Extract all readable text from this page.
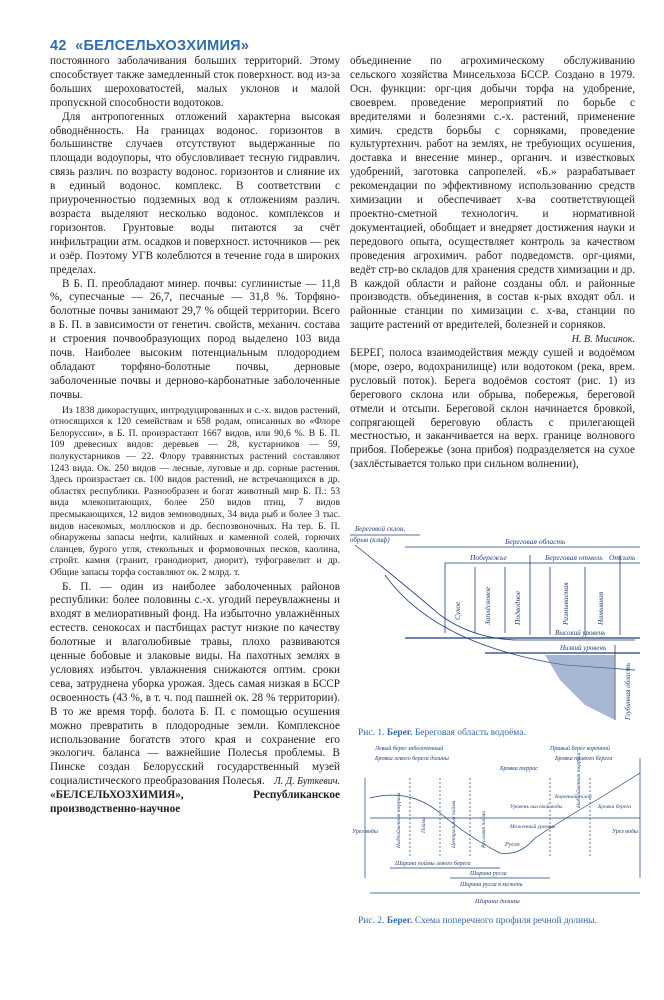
42 «БЕЛСЕЛЬХОЗХИМИЯ»

постоянного заболачивания больших территорий. Этому способствует также замедленный сток поверхност. вод из-за больших шероховатостей, малых уклонов и малой пропускной способности водотоков.

Для антропогенных отложений характерна высокая обводнённость. На границах водонос. горизонтов в большинстве случаев отсутствуют выдержанные по площади водоупоры, что обусловливает тесную гидравлич. связь различ. по возрасту водонос. горизонтов и слияние их в единый водонос. комплекс. В соответствии с приуроченностью подземных вод к отложениям различ. возраста выделяют несколько водонос. комплексов и горизонтов. Грунтовые воды питаются за счёт инфильтрации атм. осадков и поверхност. источников — рек и озёр. Поэтому УГВ колеблются в течение года в широких пределах.

В Б. П. преобладают минер. почвы: суглинистые — 11,8 %, супесчаные — 26,7, песчаные — 31,8 %. Торфяно-болотные почвы занимают 29,7 % общей территории. Всего в Б. П. в зависимости от генетич. свойств, механич. состава и строения почвообразующих пород выделено 103 вида почв. Наиболее высоким потенциальным плодородием обладают торфяно-болотные почвы, дерновые заболоченные почвы и дерново-карбонатные заболоченные почвы.

Из 1838 дикорастущих, интродуцированных и с.-х. видов растений, относящихся к 120 семействам и 658 родам, описанных во «Флоре Белоруссии», в Б. П. произрастают 1667 видов, или 90,6 %. В Б. П. 109 древесных видов: деревьев — 28, кустарников — 59, полукустарников — 22. Флору травянистых растений составляют 1243 вида. Ок. 250 видов — лесные, луговые и др. сорные растения. Здесь произрастает св. 100 видов растений, не встречающихся в др. областях республики. Разнообразен и богат животный мир Б. П.: 53 вида млекопитающих, более 250 видов птиц, 7 видов пресмыкающихся, 12 видов земноводных, 34 вида рыб и более 3 тыс. видов насекомых, моллюсков и др. беспозвоночных. На тер. Б. П. обнаружены запасы нефти, калийных и каменной солей, горючих сланцев, бурого угля, стекольных и формовочных песков, каолина, стройт. камня (гранит, гранодиорит, диорит), туфогравелит и др. Общие запасы торфа составляют ок. 2 млрд. т.

Б. П. — один из наиболее заболоченных районов республики: более половины с.-х. угодий переувлажнены и входят в мелиоративный фонд. На избыточно увлажнённых естеств. сенокосах и пастбищах растут низкие по качеству болотные и влаголюбивые травы, плохо развиваются ценные бобовые и злаковые виды. На пахотных землях в условиях избыточ. увлажнения снижаются оптим. сроки сева, затруднена уборка урожая. Здесь самая низкая в БССР освоенность (43 %, в т. ч. под пашней ок. 28 % территории). В то же время торф. болота Б. П. с помощью осушения можно превратить в плодородные земли. Комплексное использование богатств этого края и сохранение его экологич. баланса — важнейшие Полесья проблемы. В Пинске создан Белорусский государственный музей социалистического преобразования Полесья. Л. Д. Буткевич.

«БЕЛСЕЛЬХОЗХИМИЯ», Республиканское производственно-научное

объединение по агрохимическому обслуживанию сельского хозяйства Минсельхоза БССР. Создано в 1979. Осн. функции: орг-ция добычи торфа на удобрение, своеврем. проведение мероприятий по борьбе с вредителями и болезнями с.-х. растений, применение химич. средств борьбы с сорняками, проведение культуртехнич. работ на землях, не требующих осушения, доставка и внесение минер., органич. и известковых удобрений, заготовка сапропелей. «Б.» разрабатывает рекомендации по эффективному использованию средств химизации и обеспечивает х-ва соответствующей проектно-сметной технологич. и нормативной документацией, обобщает и внедряет достижения науки и передового опыта, осуществляет контроль за качеством проведения агрохимич. работ подведомств. орг-циями, ведёт стр-во складов для хранения средств химизации и др. В каждой области и районе созданы обл. и районные производств. объединения, в состав к-рых входят обл. и районные станции по химизации с. х-ва, станции по защите растений от вредителей, болезней и сорняков.

Н. В. Мисинок.

БЕРЕГ, полоса взаимодействия между сушей и водоёмом (море, озеро, водохранилище) или водотоком (река, врем. русловый поток). Берега водоёмов состоят (рис. 1) из берегового склона или обрыва, побережья, береговой отмели и отсыпи. Береговой склон начинается бровкой, сопрягающей береговую область с прилегающей местностью, и заканчивается на верх. границе волнового прибоя. Побережье (зона прибоя) подразделяется на сухое (захлёстывается только при сильном волнении),

Береговой склон,
обрыв (клиф)	Береговая область
Побережье	Береговая отмель Отсыпь
Сухое	Заплёсковое	Подводное	Размываемая	Намывная
Высокий уровень
Низкий уровень
Глубинная область
Рис. 1. Берег. Береговая область водоёма.
Левый берег заболоченный
Бровка левого берега долины
Правый берег коренной
Бровка правого берега
Бровка террас
Урез воды	Урез воды
Надпойменная терраса	Пойма	Центральная пойма	Русловая пойма	Русло
Уровень высокой воды
Меженный уровень
Коренной склон
Надпойменная терраса	Бровка берега
Ширина поймы левого берега
Ширина русла
Ширина русла в межень
Ширина долины
Рис. 2. Берег. Схема поперечного профиля речной долины.
